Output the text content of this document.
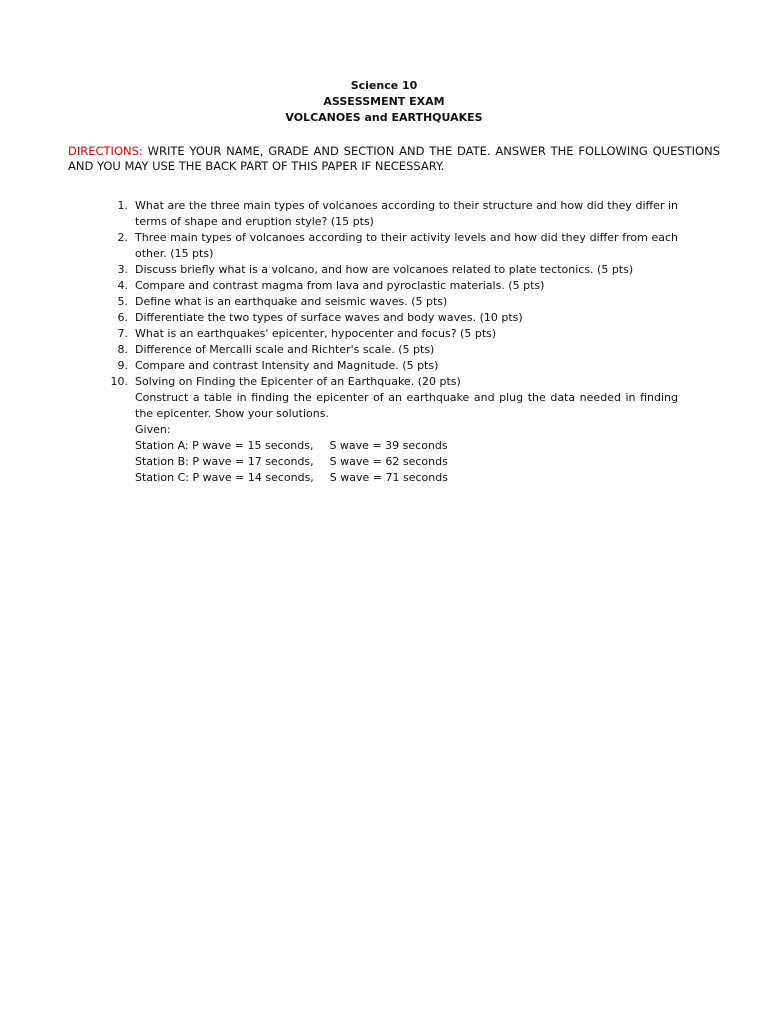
Science 10
ASSESSMENT EXAM
VOLCANOES and EARTHQUAKES
DIRECTIONS: WRITE YOUR NAME, GRADE AND SECTION AND THE DATE. ANSWER THE FOLLOWING QUESTIONS AND YOU MAY USE THE BACK PART OF THIS PAPER IF NECESSARY.
1. What are the three main types of volcanoes according to their structure and how did they differ in terms of shape and eruption style? (15 pts)
2. Three main types of volcanoes according to their activity levels and how did they differ from each other. (15 pts)
3. Discuss briefly what is a volcano, and how are volcanoes related to plate tectonics. (5 pts)
4. Compare and contrast magma from lava and pyroclastic materials. (5 pts)
5. Define what is an earthquake and seismic waves. (5 pts)
6. Differentiate the two types of surface waves and body waves. (10 pts)
7. What is an earthquakes' epicenter, hypocenter and focus? (5 pts)
8. Difference of Mercalli scale and Richter's scale. (5 pts)
9. Compare and contrast Intensity and Magnitude. (5 pts)
10. Solving on Finding the Epicenter of an Earthquake. (20 pts)
Construct a table in finding the epicenter of an earthquake and plug the data needed in finding the epicenter. Show your solutions.
Given:
Station A: P wave = 15 seconds, S wave = 39 seconds
Station B: P wave = 17 seconds, S wave = 62 seconds
Station C: P wave = 14 seconds, S wave = 71 seconds
